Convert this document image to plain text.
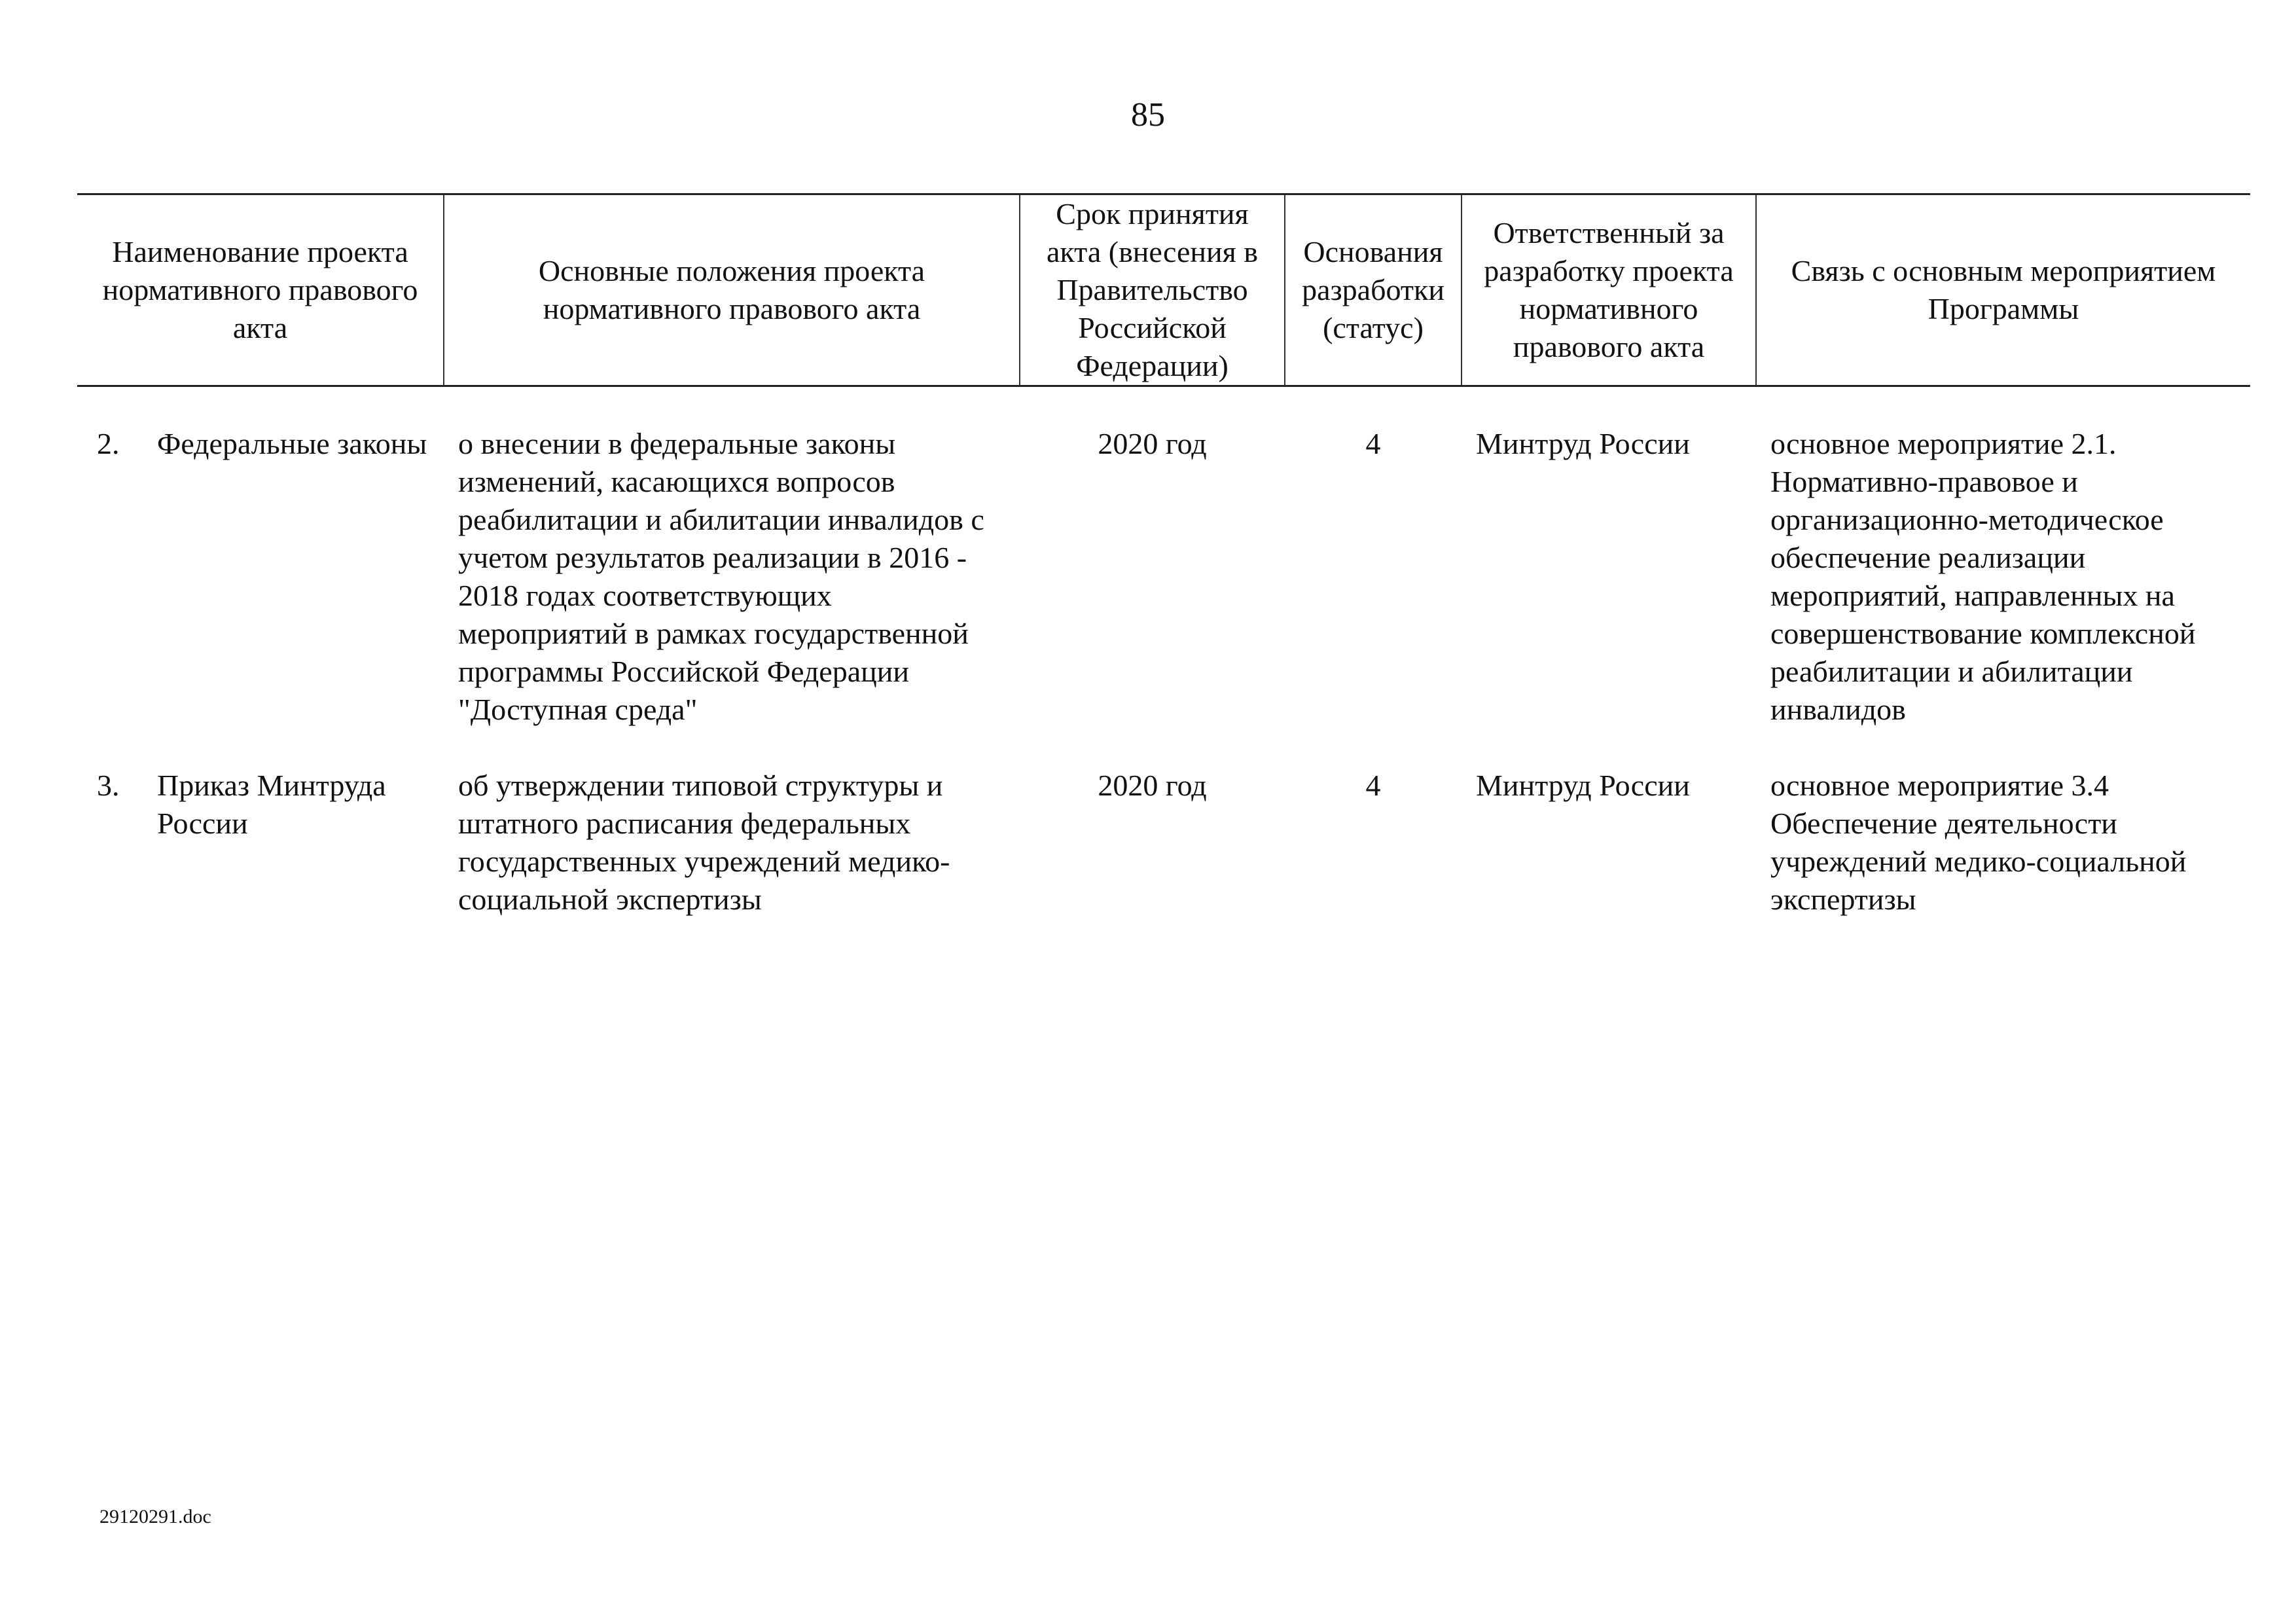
85
Наименование проекта нормативного правового акта	Основные положения проекта нормативного правового акта	Срок принятия акта (внесения в Правительство Российской Федерации)	Основания разработки (статус)	Ответственный за разработку проекта нормативного правового акта	Связь с основным мероприятием Программы

2. Федеральные законы	о внесении в федеральные законы изменений, касающихся вопросов реабилитации и абилитации инвалидов с учетом результатов реализации в 2016 - 2018 годах соответствующих мероприятий в рамках государственной программы Российской Федерации "Доступная среда"	2020 год	4	Минтруд России	основное мероприятие 2.1. Нормативно-правовое и организационно-методическое обеспечение реализации мероприятий, направленных на совершенствование комплексной реабилитации и абилитации инвалидов

3. Приказ Минтруда России	об утверждении типовой структуры и штатного расписания федеральных государственных учреждений медико-социальной экспертизы	2020 год	4	Минтруд России	основное мероприятие 3.4 Обеспечение деятельности учреждений медико-социальной экспертизы
29120291.doc
